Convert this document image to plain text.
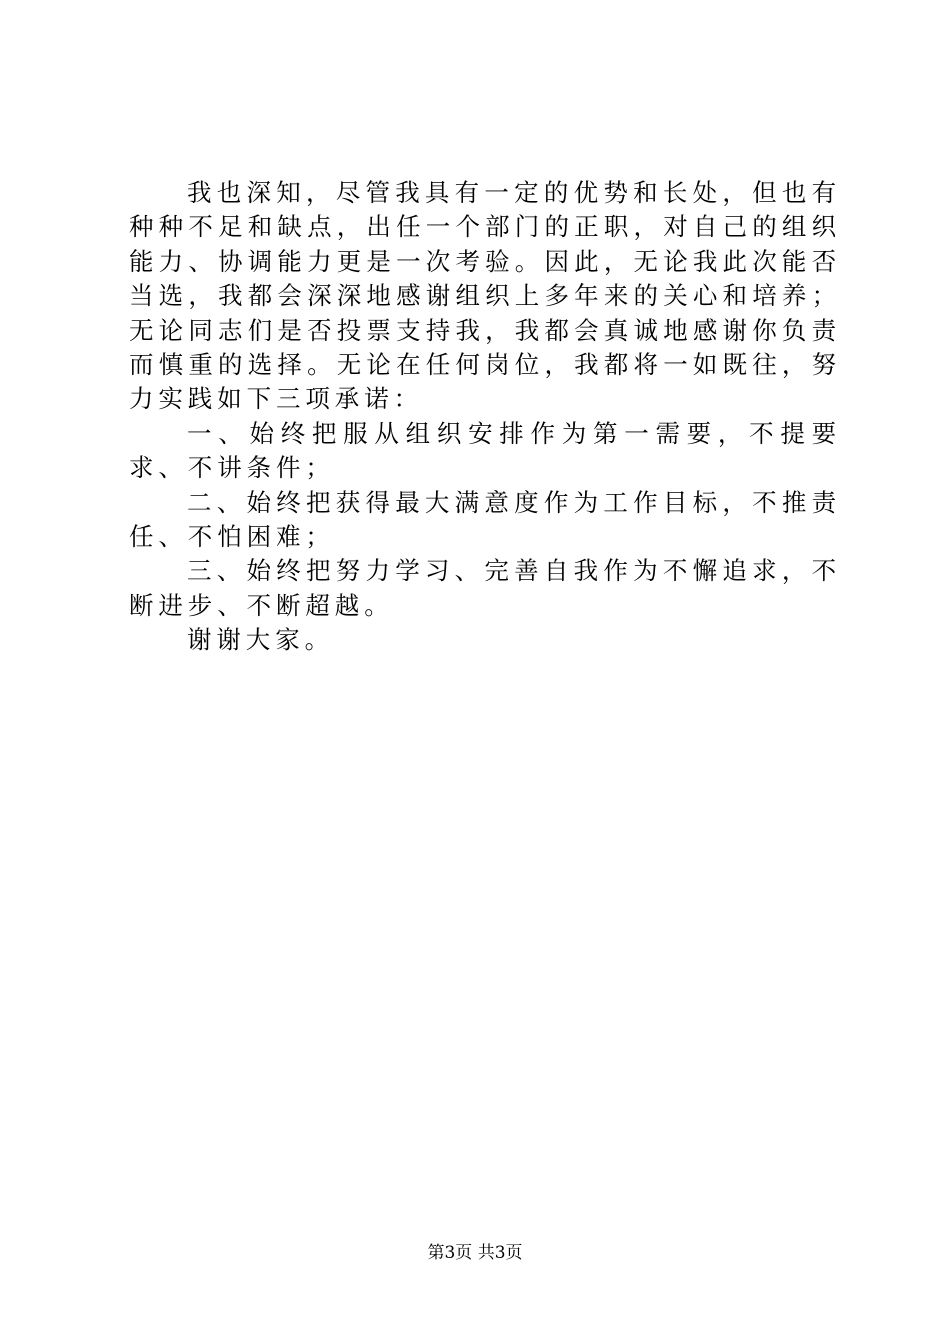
我也深知，尽管我具有一定的优势和长处，但也有种种不足和缺点，出任一个部门的正职，对自己的组织能力、协调能力更是一次考验。因此，无论我此次能否当选，我都会深深地感谢组织上多年来的关心和培养；无论同志们是否投票支持我，我都会真诚地感谢你负责而慎重的选择。无论在任何岗位，我都将一如既往，努力实践如下三项承诺：

一、始终把服从组织安排作为第一需要，不提要求、不讲条件；

二、始终把获得最大满意度作为工作目标，不推责任、不怕困难；

三、始终把努力学习、完善自我作为不懈追求，不断进步、不断超越。

谢谢大家。

第3页 共3页
